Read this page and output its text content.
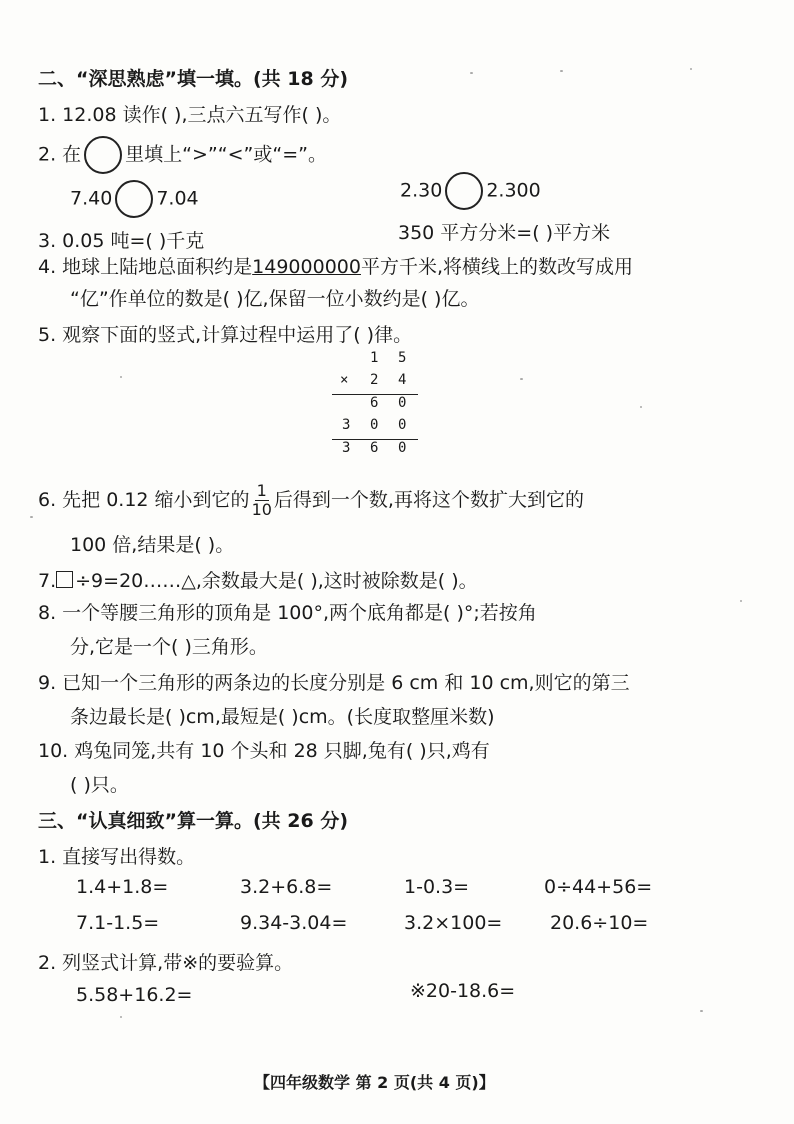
二、“深思熟虑”填一填。(共 18 分)
1. 12.08 读作( ),三点六五写作( )。
2. 在 里填上“>”“<”或“=”。
7.40 7.04	2.30 2.300
3. 0.05 吨=( )千克	350 平方分米=( )平方米
4. 地球上陆地总面积约是149000000平方千米,将横线上的数改写成用
“亿”作单位的数是( )亿,保留一位小数约是( )亿。
5. 观察下面的竖式,计算过程中运用了( )律。
1 5
× 2 4
6 0
3 0 0
3 6 0
6. 先把 0.12 缩小到它的 $\frac{1}{10}$ 后得到一个数,再将这个数扩大到它的
100 倍,结果是( )。
7. ÷9=20……△,余数最大是( ),这时被除数是( )。
8. 一个等腰三角形的顶角是 100°,两个底角都是( )°;若按角
分,它是一个( )三角形。
9. 已知一个三角形的两条边的长度分别是 6 cm 和 10 cm,则它的第三
条边最长是( )cm,最短是( )cm。(长度取整厘米数)
10. 鸡兔同笼,共有 10 个头和 28 只脚,兔有( )只,鸡有
( )只。
三、“认真细致”算一算。(共 26 分)
1. 直接写出得数。
1.4+1.8=	3.2+6.8=	1-0.3=	0÷44+56=
7.1-1.5=	9.34-3.04=	3.2×100=	20.6÷10=
2. 列竖式计算,带※的要验算。
5.58+16.2=	※20-18.6=
【四年级数学 第 2 页(共 4 页)】
